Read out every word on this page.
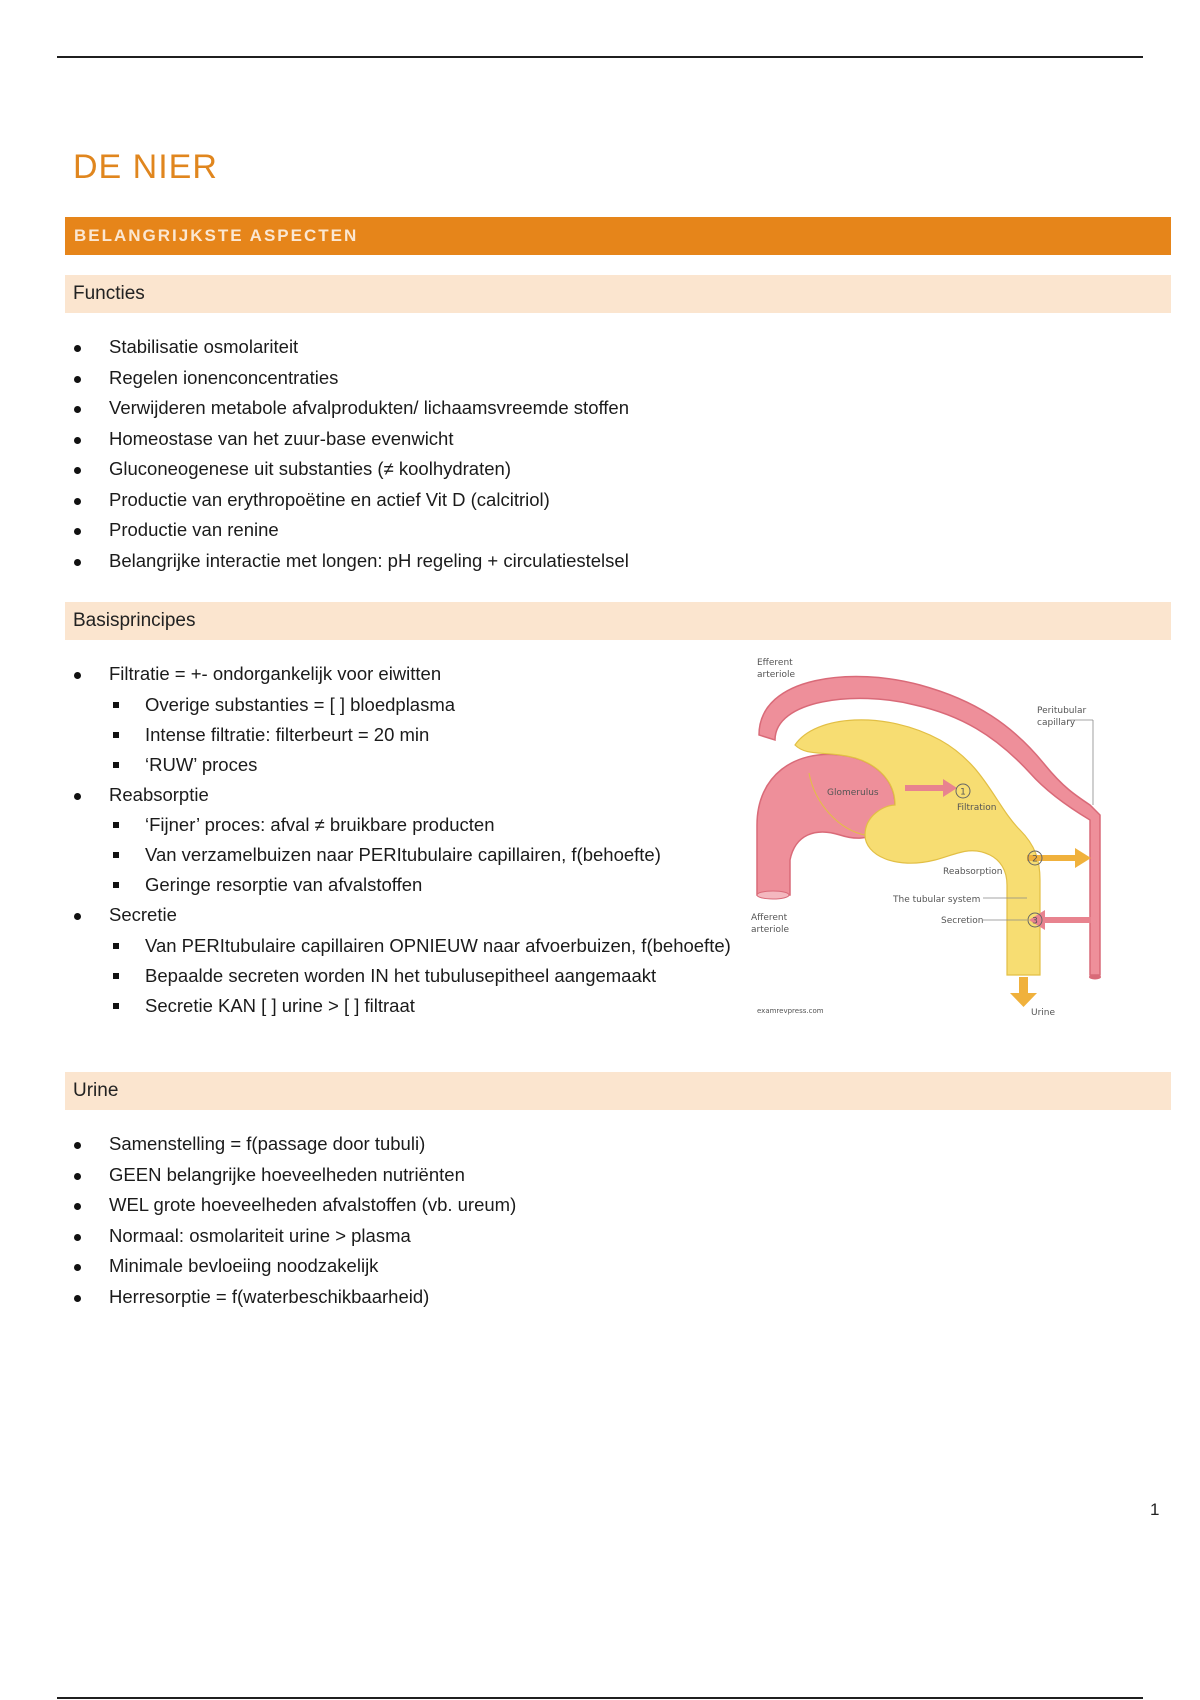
DE NIER
BELANGRIJKSTE ASPECTEN
Functies
Stabilisatie osmolariteit
Regelen ionenconcentraties
Verwijderen metabole afvalprodukten/ lichaamsvreemde stoffen
Homeostase van het zuur-base evenwicht
Gluconeogenese uit substanties (≠ koolhydraten)
Productie van erythropoëtine en actief Vit D (calcitriol)
Productie van renine
Belangrijke interactie met longen: pH regeling + circulatiestelsel
Basisprincipes
Filtratie = +- ondorgankelijk voor eiwitten
Overige substanties = [ ] bloedplasma
Intense filtratie: filterbeurt = 20 min
‘RUW’ proces
Reabsorptie
‘Fijner’ proces: afval ≠ bruikbare producten
Van verzamelbuizen naar PERItubulaire capillairen, f(behoefte)
Geringe resorptie van afvalstoffen
Secretie
Van PERItubulaire capillairen OPNIEUW naar afvoerbuizen, f(behoefte)
Bepaalde secreten worden IN het tubulusepitheel aangemaakt
Secretie KAN [ ] urine > [ ] filtraat
1
2
3
Efferent
arteriole
Peritubular
capillary
Glomerulus
Filtration
Reabsorption
The tubular system
Secretion
Afferent
arteriole
examrevpress.com	Urine
Urine
Samenstelling = f(passage door tubuli)
GEEN belangrijke hoeveelheden nutriënten
WEL grote hoeveelheden afvalstoffen (vb. ureum)
Normaal: osmolariteit urine > plasma
Minimale bevloeiing noodzakelijk
Herresorptie = f(waterbeschikbaarheid)
1
